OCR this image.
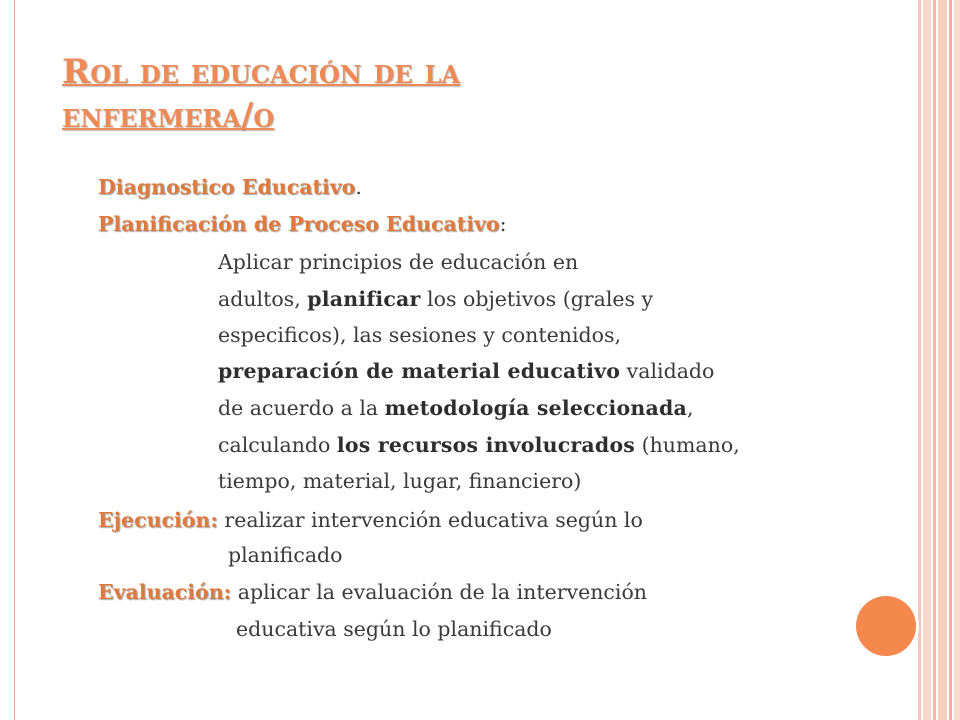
Rol de educación de la
enfermera/o
Diagnostico Educativo.
Planificación de Proceso Educativo:
Aplicar principios de educación en
adultos, planificar los objetivos (grales y
especificos), las sesiones y contenidos,
preparación de material educativo validado
de acuerdo a la metodología seleccionada,
calculando los recursos involucrados (humano,
tiempo, material, lugar, financiero)
Ejecución: realizar intervención educativa según lo
planificado
Evaluación: aplicar la evaluación de la intervención
educativa según lo planificado
